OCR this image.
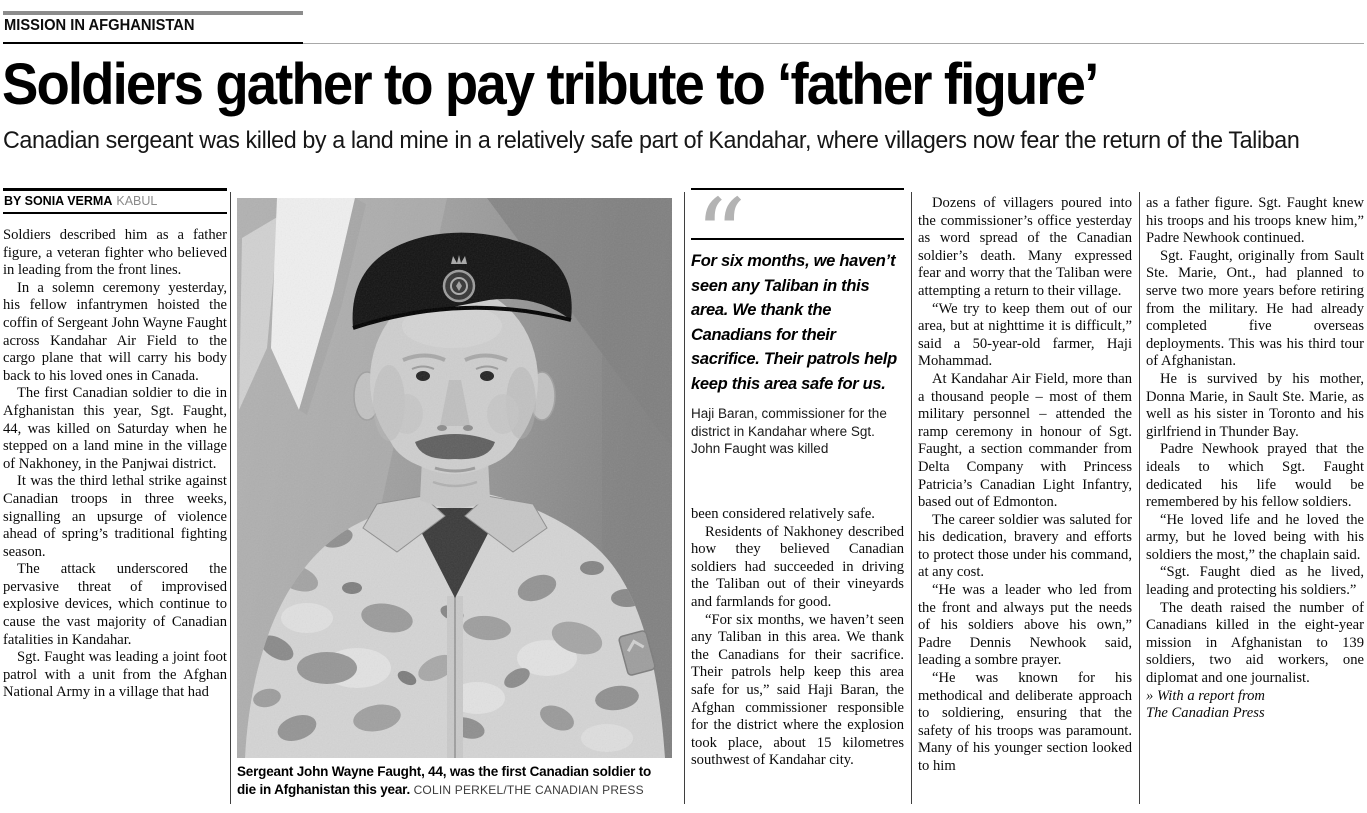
MISSION IN AFGHANISTAN
Soldiers gather to pay tribute to ‘father figure’
Canadian sergeant was killed by a land mine in a relatively safe part of Kandahar, where villagers now fear the return of the Taliban
BY SONIA VERMA KABUL

Soldiers described him as a father figure, a veteran fighter who believed in leading from the front lines.

In a solemn ceremony yesterday, his fellow infantrymen hoisted the coffin of Sergeant John Wayne Faught across Kandahar Air Field to the cargo plane that will carry his body back to his loved ones in Canada.

The first Canadian soldier to die in Afghanistan this year, Sgt. Faught, 44, was killed on Saturday when he stepped on a land mine in the village of Nakhoney, in the Panjwai district.

It was the third lethal strike against Canadian troops in three weeks, signalling an upsurge of violence ahead of spring’s traditional fighting season.

The attack underscored the pervasive threat of improvised explosive devices, which continue to cause the vast majority of Canadian fatalities in Kandahar.

Sgt. Faught was leading a joint foot patrol with a unit from the Afghan National Army in a village that had

Sergeant John Wayne Faught, 44, was the first Canadian soldier to die in Afghanistan this year. COLIN PERKEL/THE CANADIAN PRESS
“
For six months, we haven’t seen any Taliban in this area. We thank the Canadians for their sacrifice. Their patrols help keep this area safe for us.
Haji Baran, commissioner for the district in Kandahar where Sgt. John Faught was killed

been considered relatively safe.

Residents of Nakhoney described how they believed Canadian soldiers had succeeded in driving the Taliban out of their vineyards and farmlands for good.

“For six months, we haven’t seen any Taliban in this area. We thank the Canadians for their sacrifice. Their patrols help keep this area safe for us,” said Haji Baran, the Afghan commissioner responsible for the district where the explosion took place, about 15 kilometres southwest of Kandahar city.

Dozens of villagers poured into the commissioner’s office yesterday as word spread of the Canadian soldier’s death. Many expressed fear and worry that the Taliban were attempting a return to their village.

“We try to keep them out of our area, but at nighttime it is difficult,” said a 50-year-old farmer, Haji Mohammad.

At Kandahar Air Field, more than a thousand people – most of them military personnel – attended the ramp ceremony in honour of Sgt. Faught, a section commander from Delta Company with Princess Patricia’s Canadian Light Infantry, based out of Edmonton.

The career soldier was saluted for his dedication, bravery and efforts to protect those under his command, at any cost.

“He was a leader who led from the front and always put the needs of his soldiers above his own,” Padre Dennis Newhook said, leading a sombre prayer.

“He was known for his methodical and deliberate approach to soldiering, ensuring that the safety of his troops was paramount. Many of his younger section looked to him

as a father figure. Sgt. Faught knew his troops and his troops knew him,” Padre Newhook continued.

Sgt. Faught, originally from Sault Ste. Marie, Ont., had planned to serve two more years before retiring from the military. He had already completed five overseas deployments. This was his third tour of Afghanistan.

He is survived by his mother, Donna Marie, in Sault Ste. Marie, as well as his sister in Toronto and his girlfriend in Thunder Bay.

Padre Newhook prayed that the ideals to which Sgt. Faught dedicated his life would be remembered by his fellow soldiers.

“He loved life and he loved the army, but he loved being with his soldiers the most,” the chaplain said.

“Sgt. Faught died as he lived, leading and protecting his soldiers.”

The death raised the number of Canadians killed in the eight-year mission in Afghanistan to 139 soldiers, two aid workers, one diplomat and one journalist.

» With a report from
The Canadian Press
